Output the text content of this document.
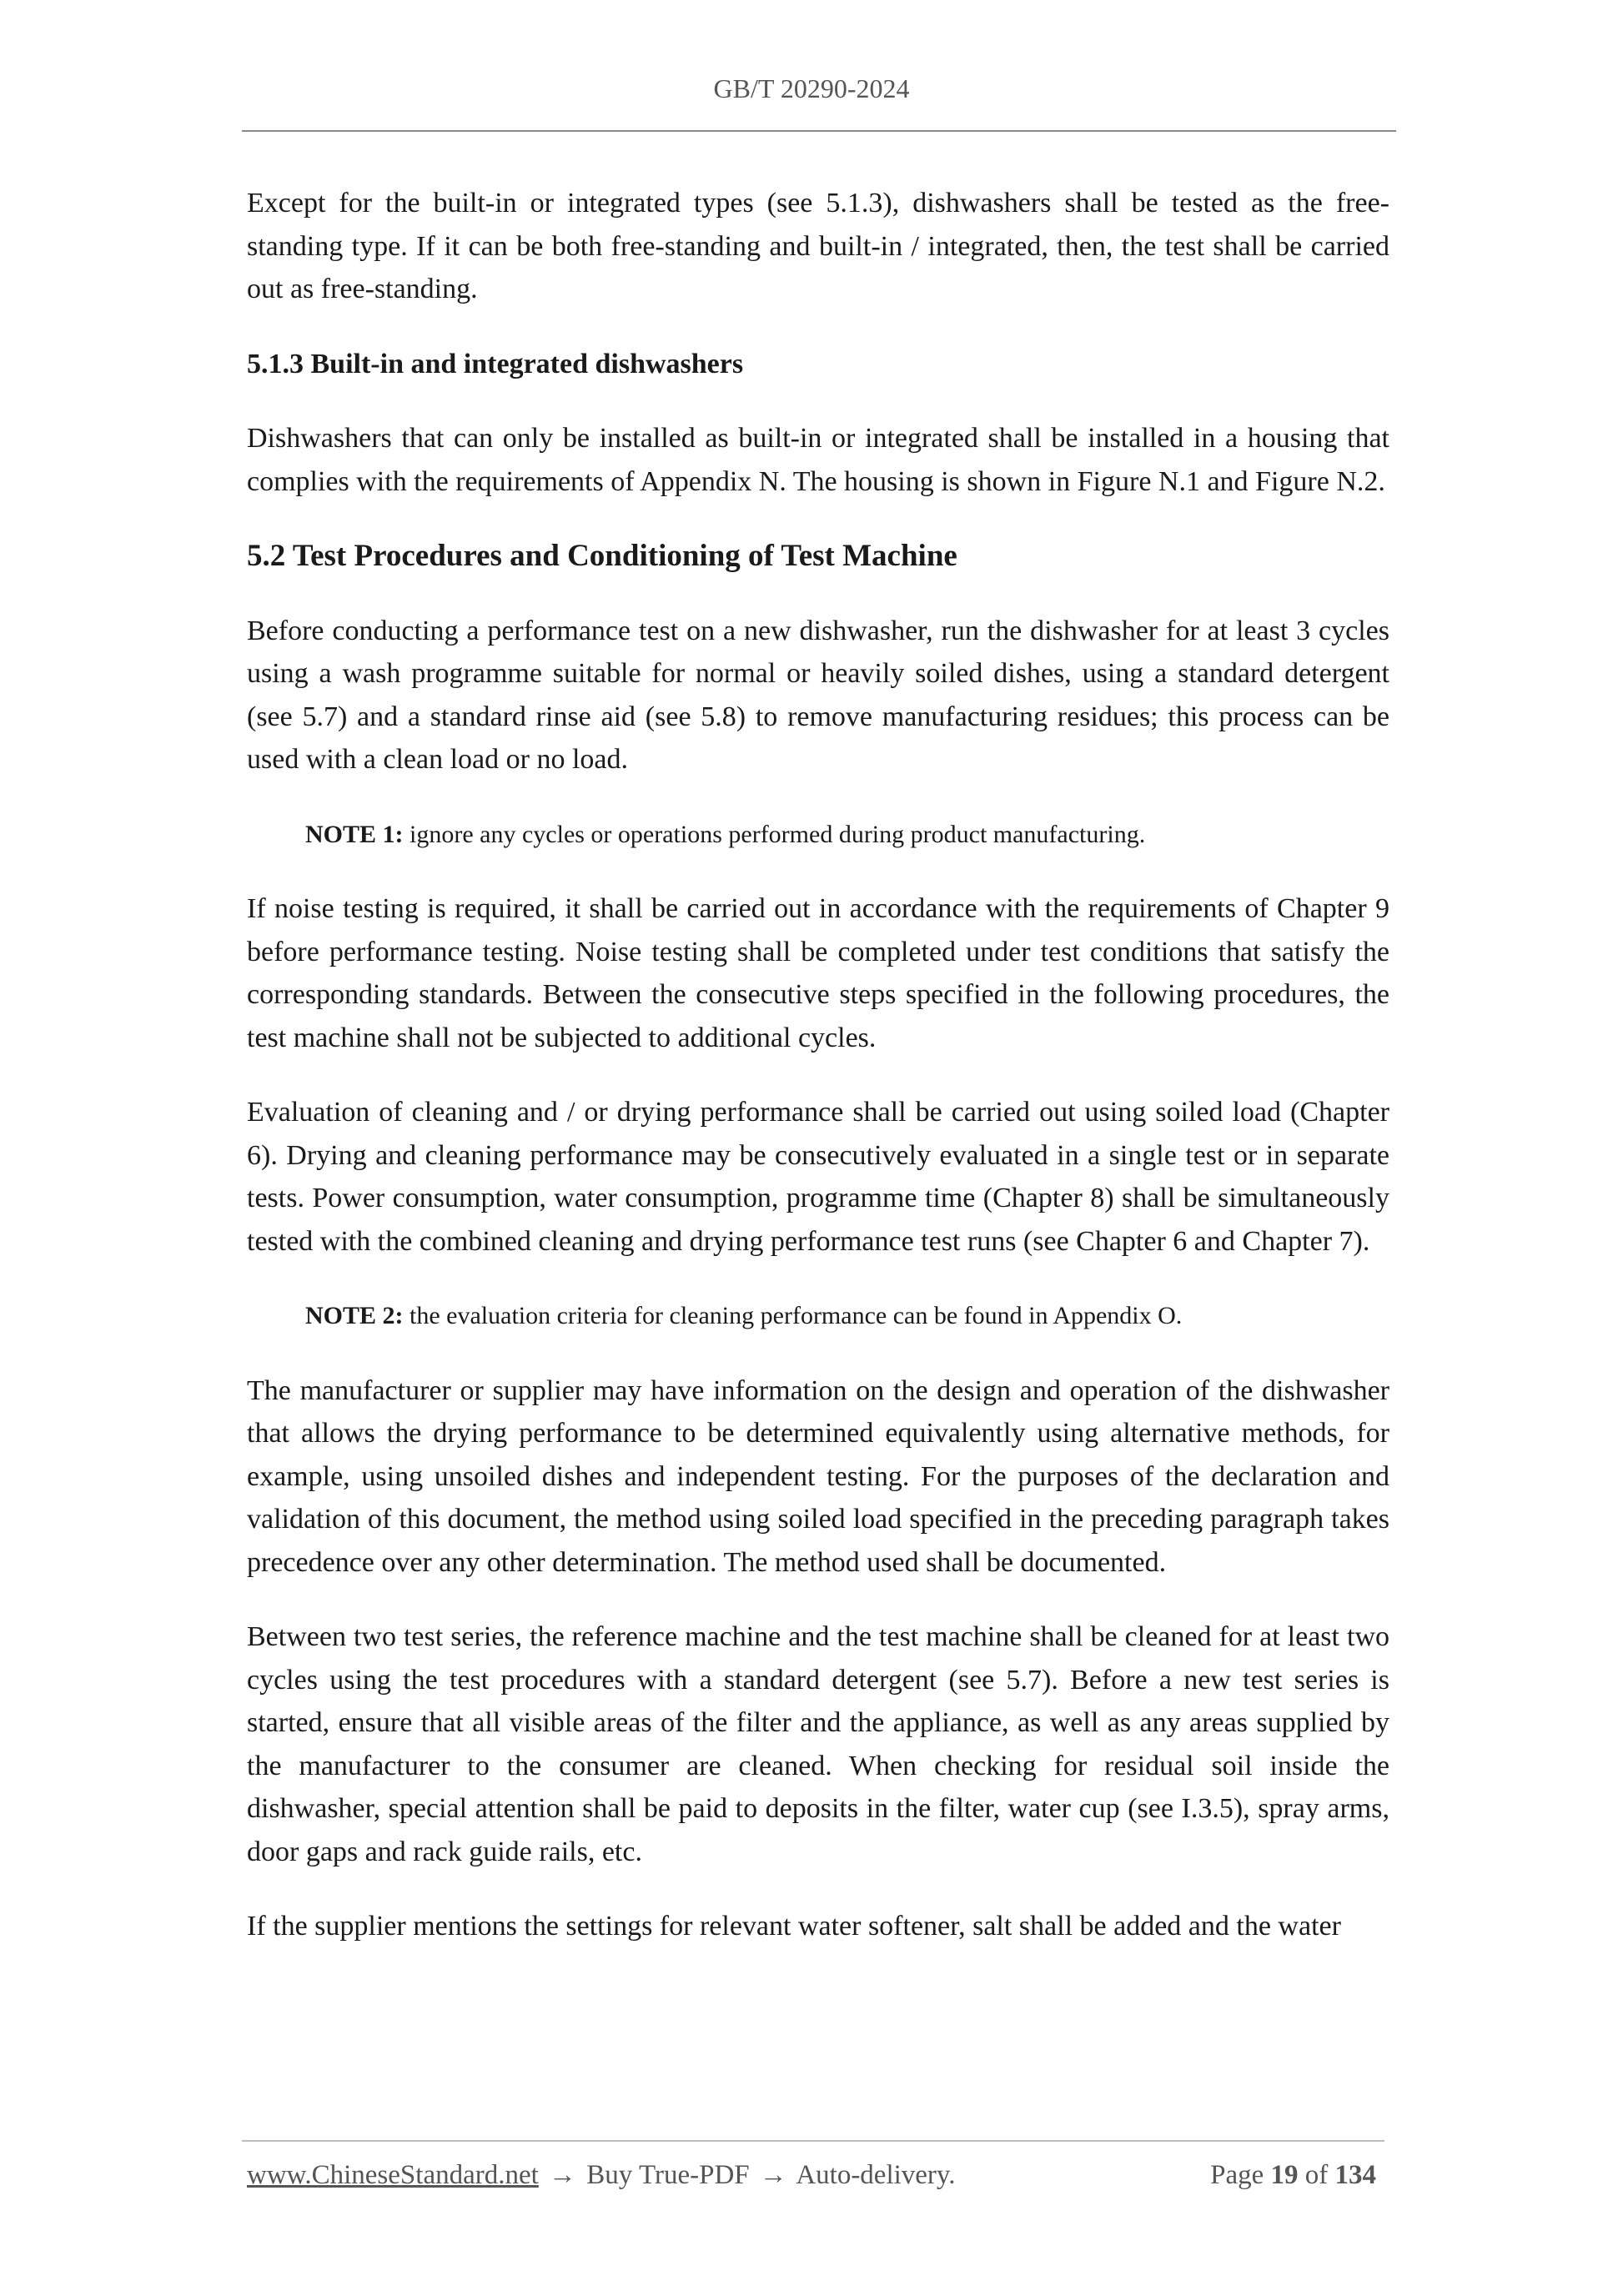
GB/T 20290-2024

Except for the built-in or integrated types (see 5.1.3), dishwashers shall be tested as the free-standing type. If it can be both free-standing and built-in / integrated, then, the test shall be carried out as free-standing.

5.1.3 Built-in and integrated dishwashers

Dishwashers that can only be installed as built-in or integrated shall be installed in a housing that complies with the requirements of Appendix N. The housing is shown in Figure N.1 and Figure N.2.

5.2 Test Procedures and Conditioning of Test Machine

Before conducting a performance test on a new dishwasher, run the dishwasher for at least 3 cycles using a wash programme suitable for normal or heavily soiled dishes, using a standard detergent (see 5.7) and a standard rinse aid (see 5.8) to remove manufacturing residues; this process can be used with a clean load or no load.

NOTE 1: ignore any cycles or operations performed during product manufacturing.

If noise testing is required, it shall be carried out in accordance with the requirements of Chapter 9 before performance testing. Noise testing shall be completed under test conditions that satisfy the corresponding standards. Between the consecutive steps specified in the following procedures, the test machine shall not be subjected to additional cycles.

Evaluation of cleaning and / or drying performance shall be carried out using soiled load (Chapter 6). Drying and cleaning performance may be consecutively evaluated in a single test or in separate tests. Power consumption, water consumption, programme time (Chapter 8) shall be simultaneously tested with the combined cleaning and drying performance test runs (see Chapter 6 and Chapter 7).

NOTE 2: the evaluation criteria for cleaning performance can be found in Appendix O.

The manufacturer or supplier may have information on the design and operation of the dishwasher that allows the drying performance to be determined equivalently using alternative methods, for example, using unsoiled dishes and independent testing. For the purposes of the declaration and validation of this document, the method using soiled load specified in the preceding paragraph takes precedence over any other determination. The method used shall be documented.

Between two test series, the reference machine and the test machine shall be cleaned for at least two cycles using the test procedures with a standard detergent (see 5.7). Before a new test series is started, ensure that all visible areas of the filter and the appliance, as well as any areas supplied by the manufacturer to the consumer are cleaned. When checking for residual soil inside the dishwasher, special attention shall be paid to deposits in the filter, water cup (see I.3.5), spray arms, door gaps and rack guide rails, etc.

If the supplier mentions the settings for relevant water softener, salt shall be added and the water

www.ChineseStandard.net → Buy True-PDF → Auto-delivery.	Page 19 of 134
